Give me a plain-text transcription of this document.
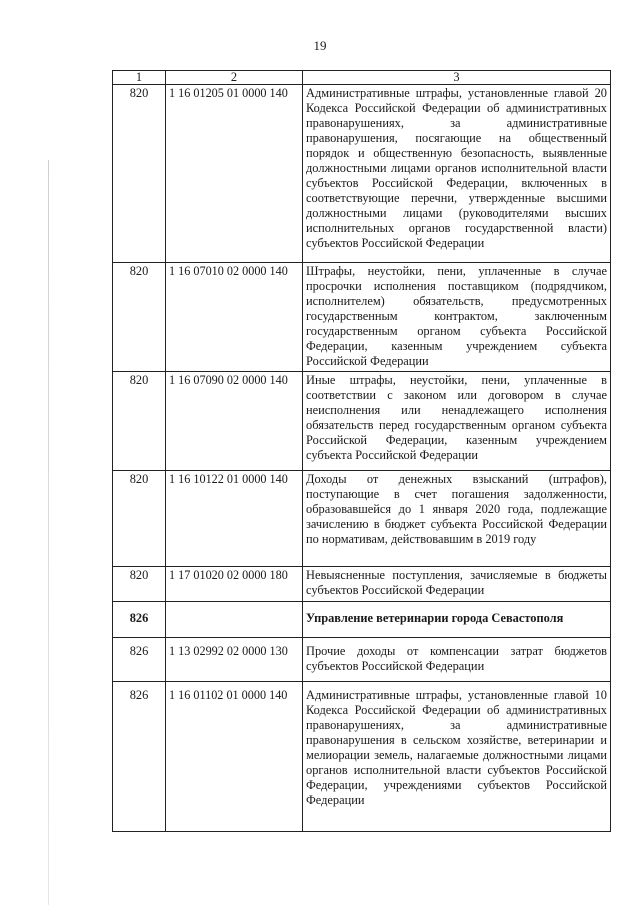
19
1	2	3
820	1 16 01205 01 0000 140	Административные штрафы, установленные главой 20 Кодекса Российской Федерации об административных правонарушениях, за административные правонарушения, посягающие на общественный порядок и общественную безопасность, выявленные должностными лицами органов исполнительной власти субъектов Российской Федерации, включенных в соответствующие перечни, утвержденные высшими должностными лицами (руководителями высших исполнительных органов государственной власти) субъектов Российской Федерации
820	1 16 07010 02 0000 140	Штрафы, неустойки, пени, уплаченные в случае просрочки исполнения поставщиком (подрядчиком, исполнителем) обязательств, предусмотренных государственным контрактом, заключенным государственным органом субъекта Российской Федерации, казенным учреждением субъекта Российской Федерации
820	1 16 07090 02 0000 140	Иные штрафы, неустойки, пени, уплаченные в соответствии с законом или договором в случае неисполнения или ненадлежащего исполнения обязательств перед государственным органом субъекта Российской Федерации, казенным учреждением субъекта Российской Федерации
820	1 16 10122 01 0000 140	Доходы от денежных взысканий (штрафов), поступающие в счет погашения задолженности, образовавшейся до 1 января 2020 года, подлежащие зачислению в бюджет субъекта Российской Федерации по нормативам, действовавшим в 2019 году
820	1 17 01020 02 0000 180	Невыясненные поступления, зачисляемые в бюджеты субъектов Российской Федерации
826		Управление ветеринарии города Севастополя
826	1 13 02992 02 0000 130	Прочие доходы от компенсации затрат бюджетов субъектов Российской Федерации
826	1 16 01102 01 0000 140	Административные штрафы, установленные главой 10 Кодекса Российской Федерации об административных правонарушениях, за административные правонарушения в сельском хозяйстве, ветеринарии и мелиорации земель, налагаемые должностными лицами органов исполнительной власти субъектов Российской Федерации, учреждениями субъектов Российской Федерации
